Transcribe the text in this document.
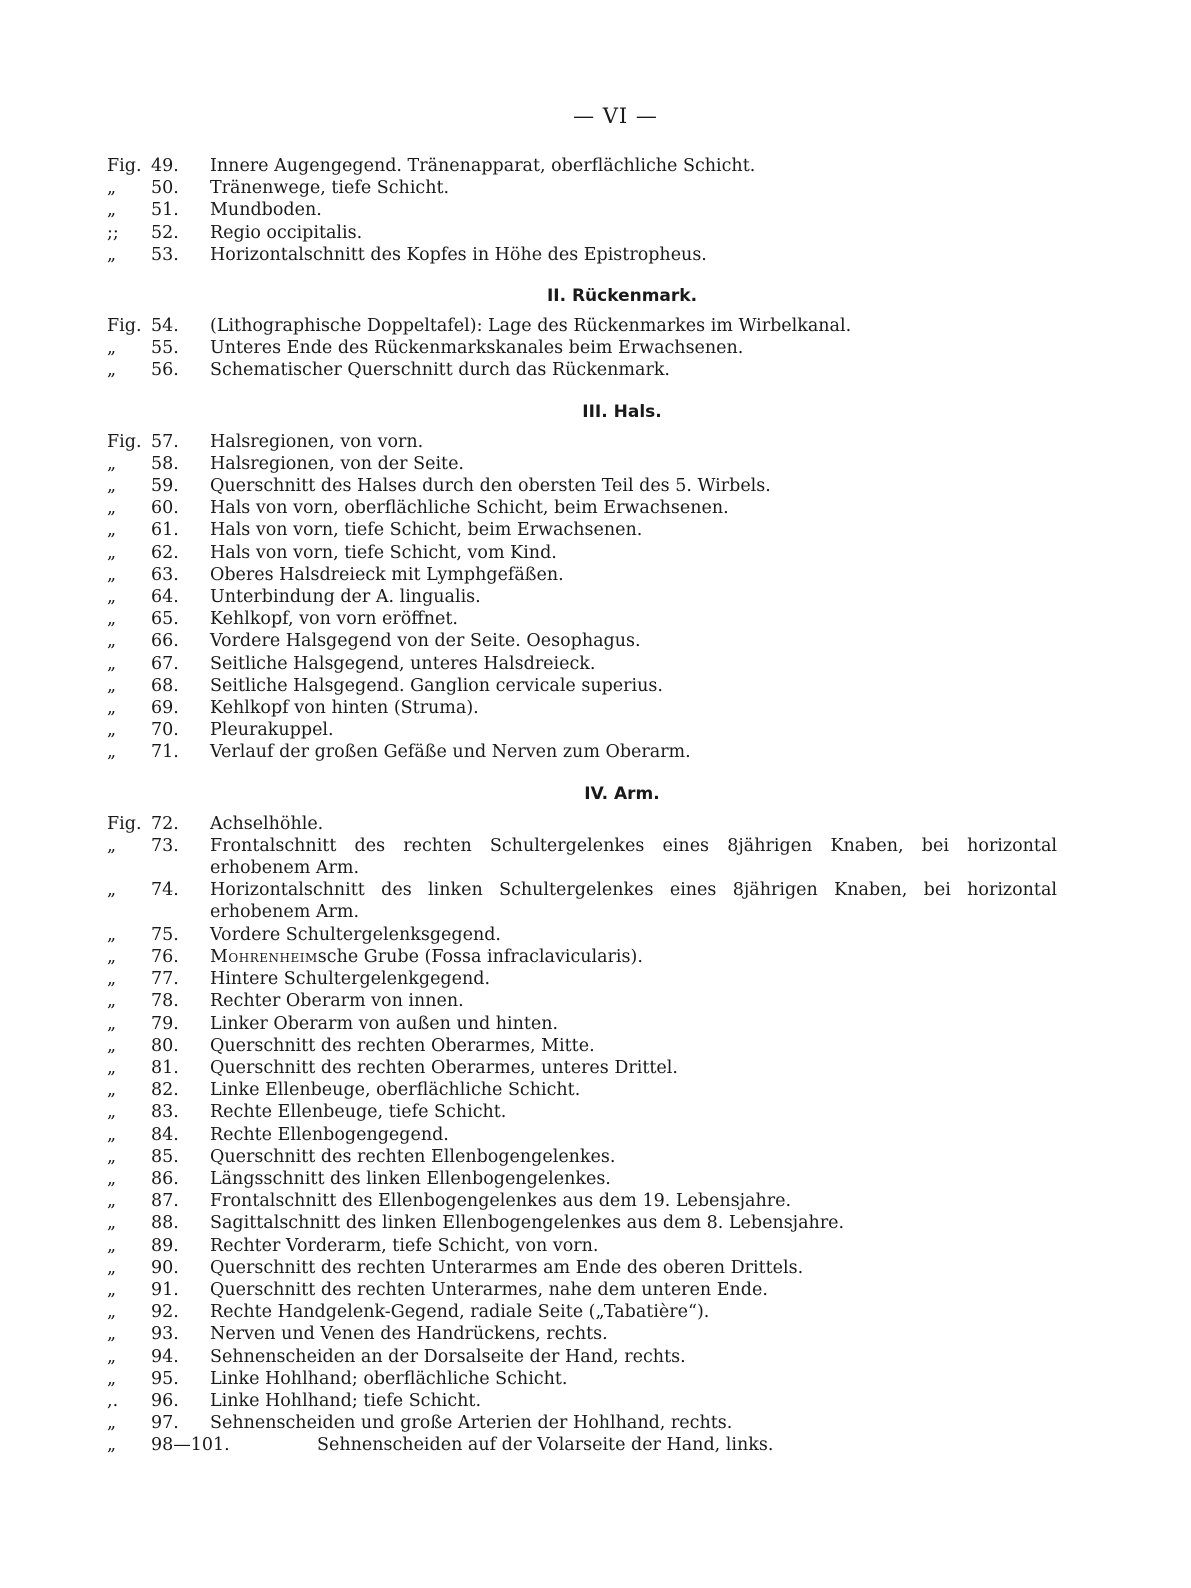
— VI —
Fig. 49.	Innere Augengegend. Tränenapparat, oberflächliche Schicht.
„	50.	Tränenwege, tiefe Schicht.
„	51.	Mundboden.
;;	52.	Regio occipitalis.
„	53.	Horizontalschnitt des Kopfes in Höhe des Epistropheus.
II. Rückenmark.
Fig. 54.	(Lithographische Doppeltafel): Lage des Rückenmarkes im Wirbelkanal.
„	55.	Unteres Ende des Rückenmarkskanales beim Erwachsenen.
„	56.	Schematischer Querschnitt durch das Rückenmark.
III. Hals.
Fig. 57.	Halsregionen, von vorn.
„	58.	Halsregionen, von der Seite.
„	59.	Querschnitt des Halses durch den obersten Teil des 5. Wirbels.
„	60.	Hals von vorn, oberflächliche Schicht, beim Erwachsenen.
„	61.	Hals von vorn, tiefe Schicht, beim Erwachsenen.
„	62.	Hals von vorn, tiefe Schicht, vom Kind.
„	63.	Oberes Halsdreieck mit Lymphgefäßen.
„	64.	Unterbindung der A. lingualis.
„	65.	Kehlkopf, von vorn eröffnet.
„	66.	Vordere Halsgegend von der Seite. Oesophagus.
„	67.	Seitliche Halsgegend, unteres Halsdreieck.
„	68.	Seitliche Halsgegend. Ganglion cervicale superius.
„	69.	Kehlkopf von hinten (Struma).
„	70.	Pleurakuppel.
„	71.	Verlauf der großen Gefäße und Nerven zum Oberarm.
IV. Arm.
Fig. 72.	Achselhöhle.
„	73.	Frontalschnitt des rechten Schultergelenkes eines 8jährigen Knaben, bei horizontal erhobenem Arm.
„	74.	Horizontalschnitt des linken Schultergelenkes eines 8jährigen Knaben, bei horizontal erhobenem Arm.
„	75.	Vordere Schultergelenksgegend.
„	76.	Mohrenheimsche Grube (Fossa infraclavicularis).
„	77.	Hintere Schultergelenkgegend.
„	78.	Rechter Oberarm von innen.
„	79.	Linker Oberarm von außen und hinten.
„	80.	Querschnitt des rechten Oberarmes, Mitte.
„	81.	Querschnitt des rechten Oberarmes, unteres Drittel.
„	82.	Linke Ellenbeuge, oberflächliche Schicht.
„	83.	Rechte Ellenbeuge, tiefe Schicht.
„	84.	Rechte Ellenbogengegend.
„	85.	Querschnitt des rechten Ellenbogengelenkes.
„	86.	Längsschnitt des linken Ellenbogengelenkes.
„	87.	Frontalschnitt des Ellenbogengelenkes aus dem 19. Lebensjahre.
„	88.	Sagittalschnitt des linken Ellenbogengelenkes aus dem 8. Lebensjahre.
„	89.	Rechter Vorderarm, tiefe Schicht, von vorn.
„	90.	Querschnitt des rechten Unterarmes am Ende des oberen Drittels.
„	91.	Querschnitt des rechten Unterarmes, nahe dem unteren Ende.
„	92.	Rechte Handgelenk-Gegend, radiale Seite („Tabatière“).
„	93.	Nerven und Venen des Handrückens, rechts.
„	94.	Sehnenscheiden an der Dorsalseite der Hand, rechts.
„	95.	Linke Hohlhand; oberflächliche Schicht.
,.	96.	Linke Hohlhand; tiefe Schicht.
„	97.	Sehnenscheiden und große Arterien der Hohlhand, rechts.
„	98—101.	Sehnenscheiden auf der Volarseite der Hand, links.
